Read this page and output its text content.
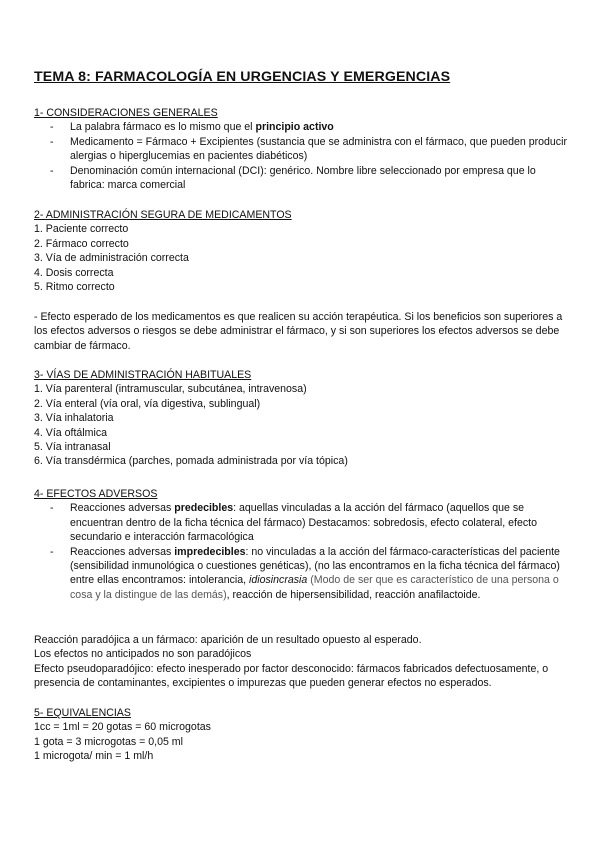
TEMA 8: FARMACOLOGÍA EN URGENCIAS Y EMERGENCIAS
1- CONSIDERACIONES GENERALES
- La palabra fármaco es lo mismo que el principio activo
- Medicamento = Fármaco + Excipientes (sustancia que se administra con el fármaco, que pueden producir alergias o hiperglucemias en pacientes diabéticos)
- Denominación común internacional (DCI): genérico. Nombre libre seleccionado por empresa que lo fabrica: marca comercial
2- ADMINISTRACIÓN SEGURA DE MEDICAMENTOS
1. Paciente correcto
2. Fármaco correcto
3. Vía de administración correcta
4. Dosis correcta
5. Ritmo correcto
- Efecto esperado de los medicamentos es que realicen su acción terapéutica. Si los beneficios son superiores a los efectos adversos o riesgos se debe administrar el fármaco, y si son superiores los efectos adversos se debe cambiar de fármaco.
3- VÍAS DE ADMINISTRACIÓN HABITUALES
1. Vía parenteral (intramuscular, subcutánea, intravenosa)
2. Vía enteral (vía oral, vía digestiva, sublingual)
3. Vía inhalatoria
4. Vía oftálmica
5. Vía intranasal
6. Vía transdérmica (parches, pomada administrada por vía tópica)
4- EFECTOS ADVERSOS
- Reacciones adversas predecibles: aquellas vinculadas a la acción del fármaco (aquellos que se encuentran dentro de la ficha técnica del fármaco) Destacamos: sobredosis, efecto colateral, efecto secundario e interacción farmacológica
- Reacciones adversas impredecibles: no vinculadas a la acción del fármaco-características del paciente (sensibilidad inmunológica o cuestiones genéticas), (no las encontramos en la ficha técnica del fármaco) entre ellas encontramos: intolerancia, idiosincrasia (Modo de ser que es característico de una persona o cosa y la distingue de las demás), reacción de hipersensibilidad, reacción anafilactoide.
Reacción paradójica a un fármaco: aparición de un resultado opuesto al esperado.
Los efectos no anticipados no son paradójicos
Efecto pseudoparadójico: efecto inesperado por factor desconocido: fármacos fabricados defectuosamente, o presencia de contaminantes, excipientes o impurezas que pueden generar efectos no esperados.
5- EQUIVALENCIAS
1cc = 1ml = 20 gotas = 60 microgotas
1 gota = 3 microgotas = 0,05 ml
1 microgota/ min = 1 ml/h
